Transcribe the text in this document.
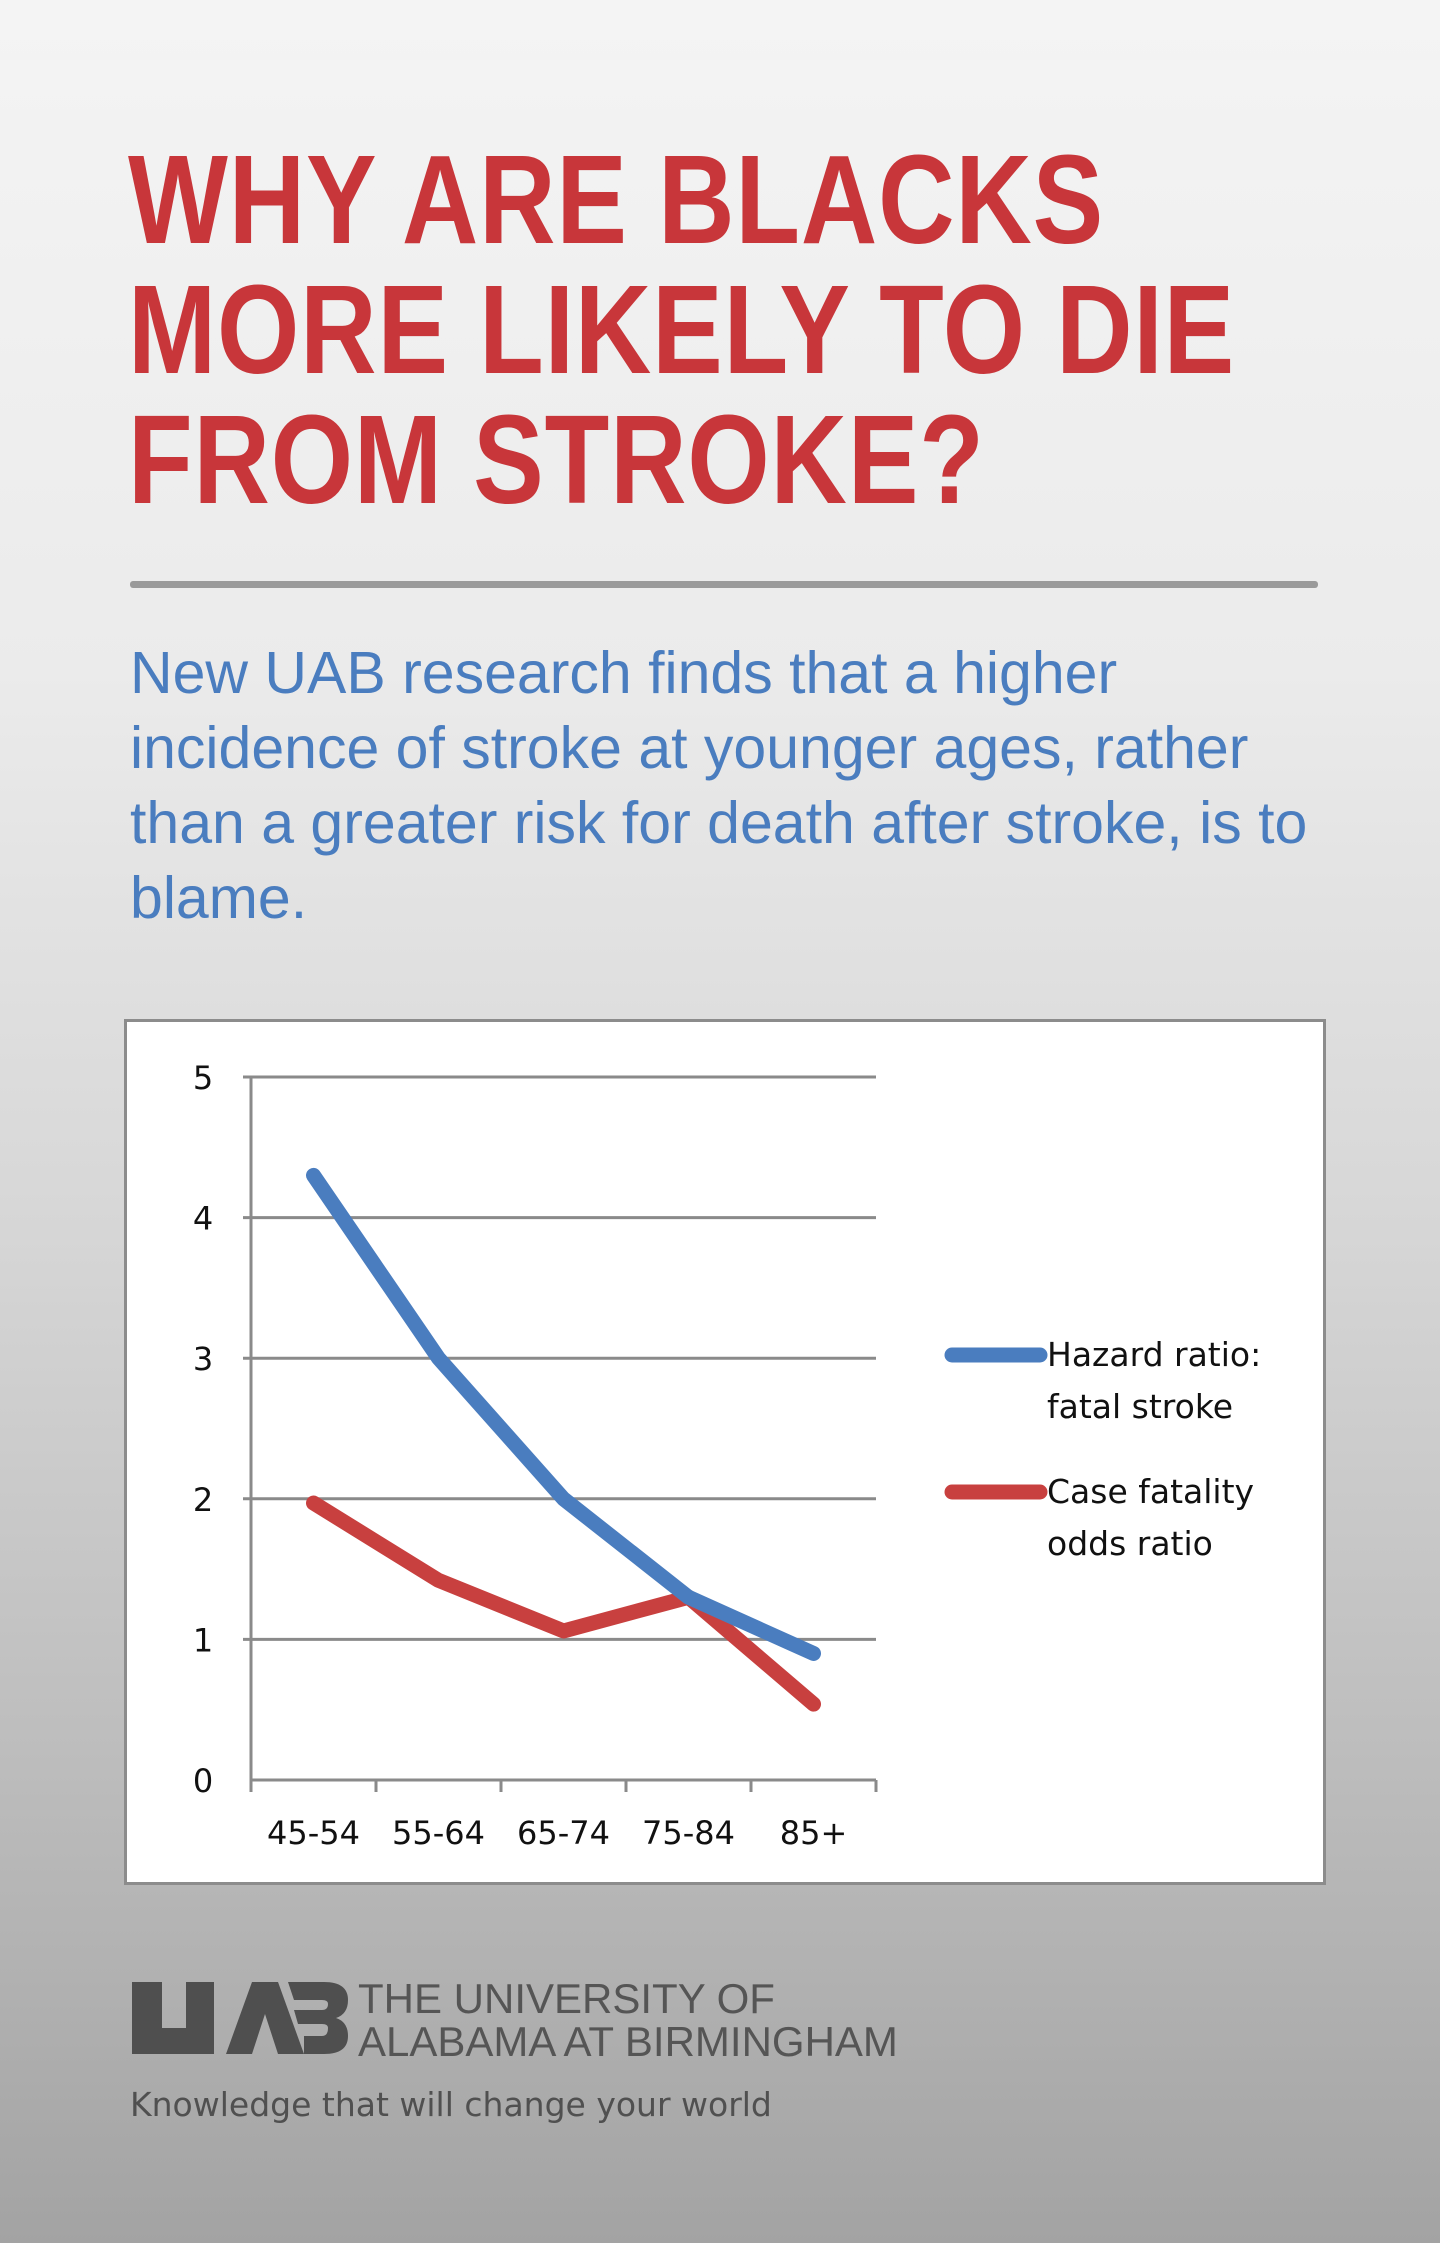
WHY ARE BLACKS
MORE LIKELY TO DIE
FROM STROKE?

New UAB research finds that a higher incidence of stroke at younger ages, rather than a greater risk for death after stroke, is to blame.

0
1
2
3
4
5
45-54 55-64 65-74 75-84 85+
Hazard ratio:
fatal stroke
Case fatality
odds ratio

THE UNIVERSITY OF
ALABAMA AT BIRMINGHAM

Knowledge that will change your world
